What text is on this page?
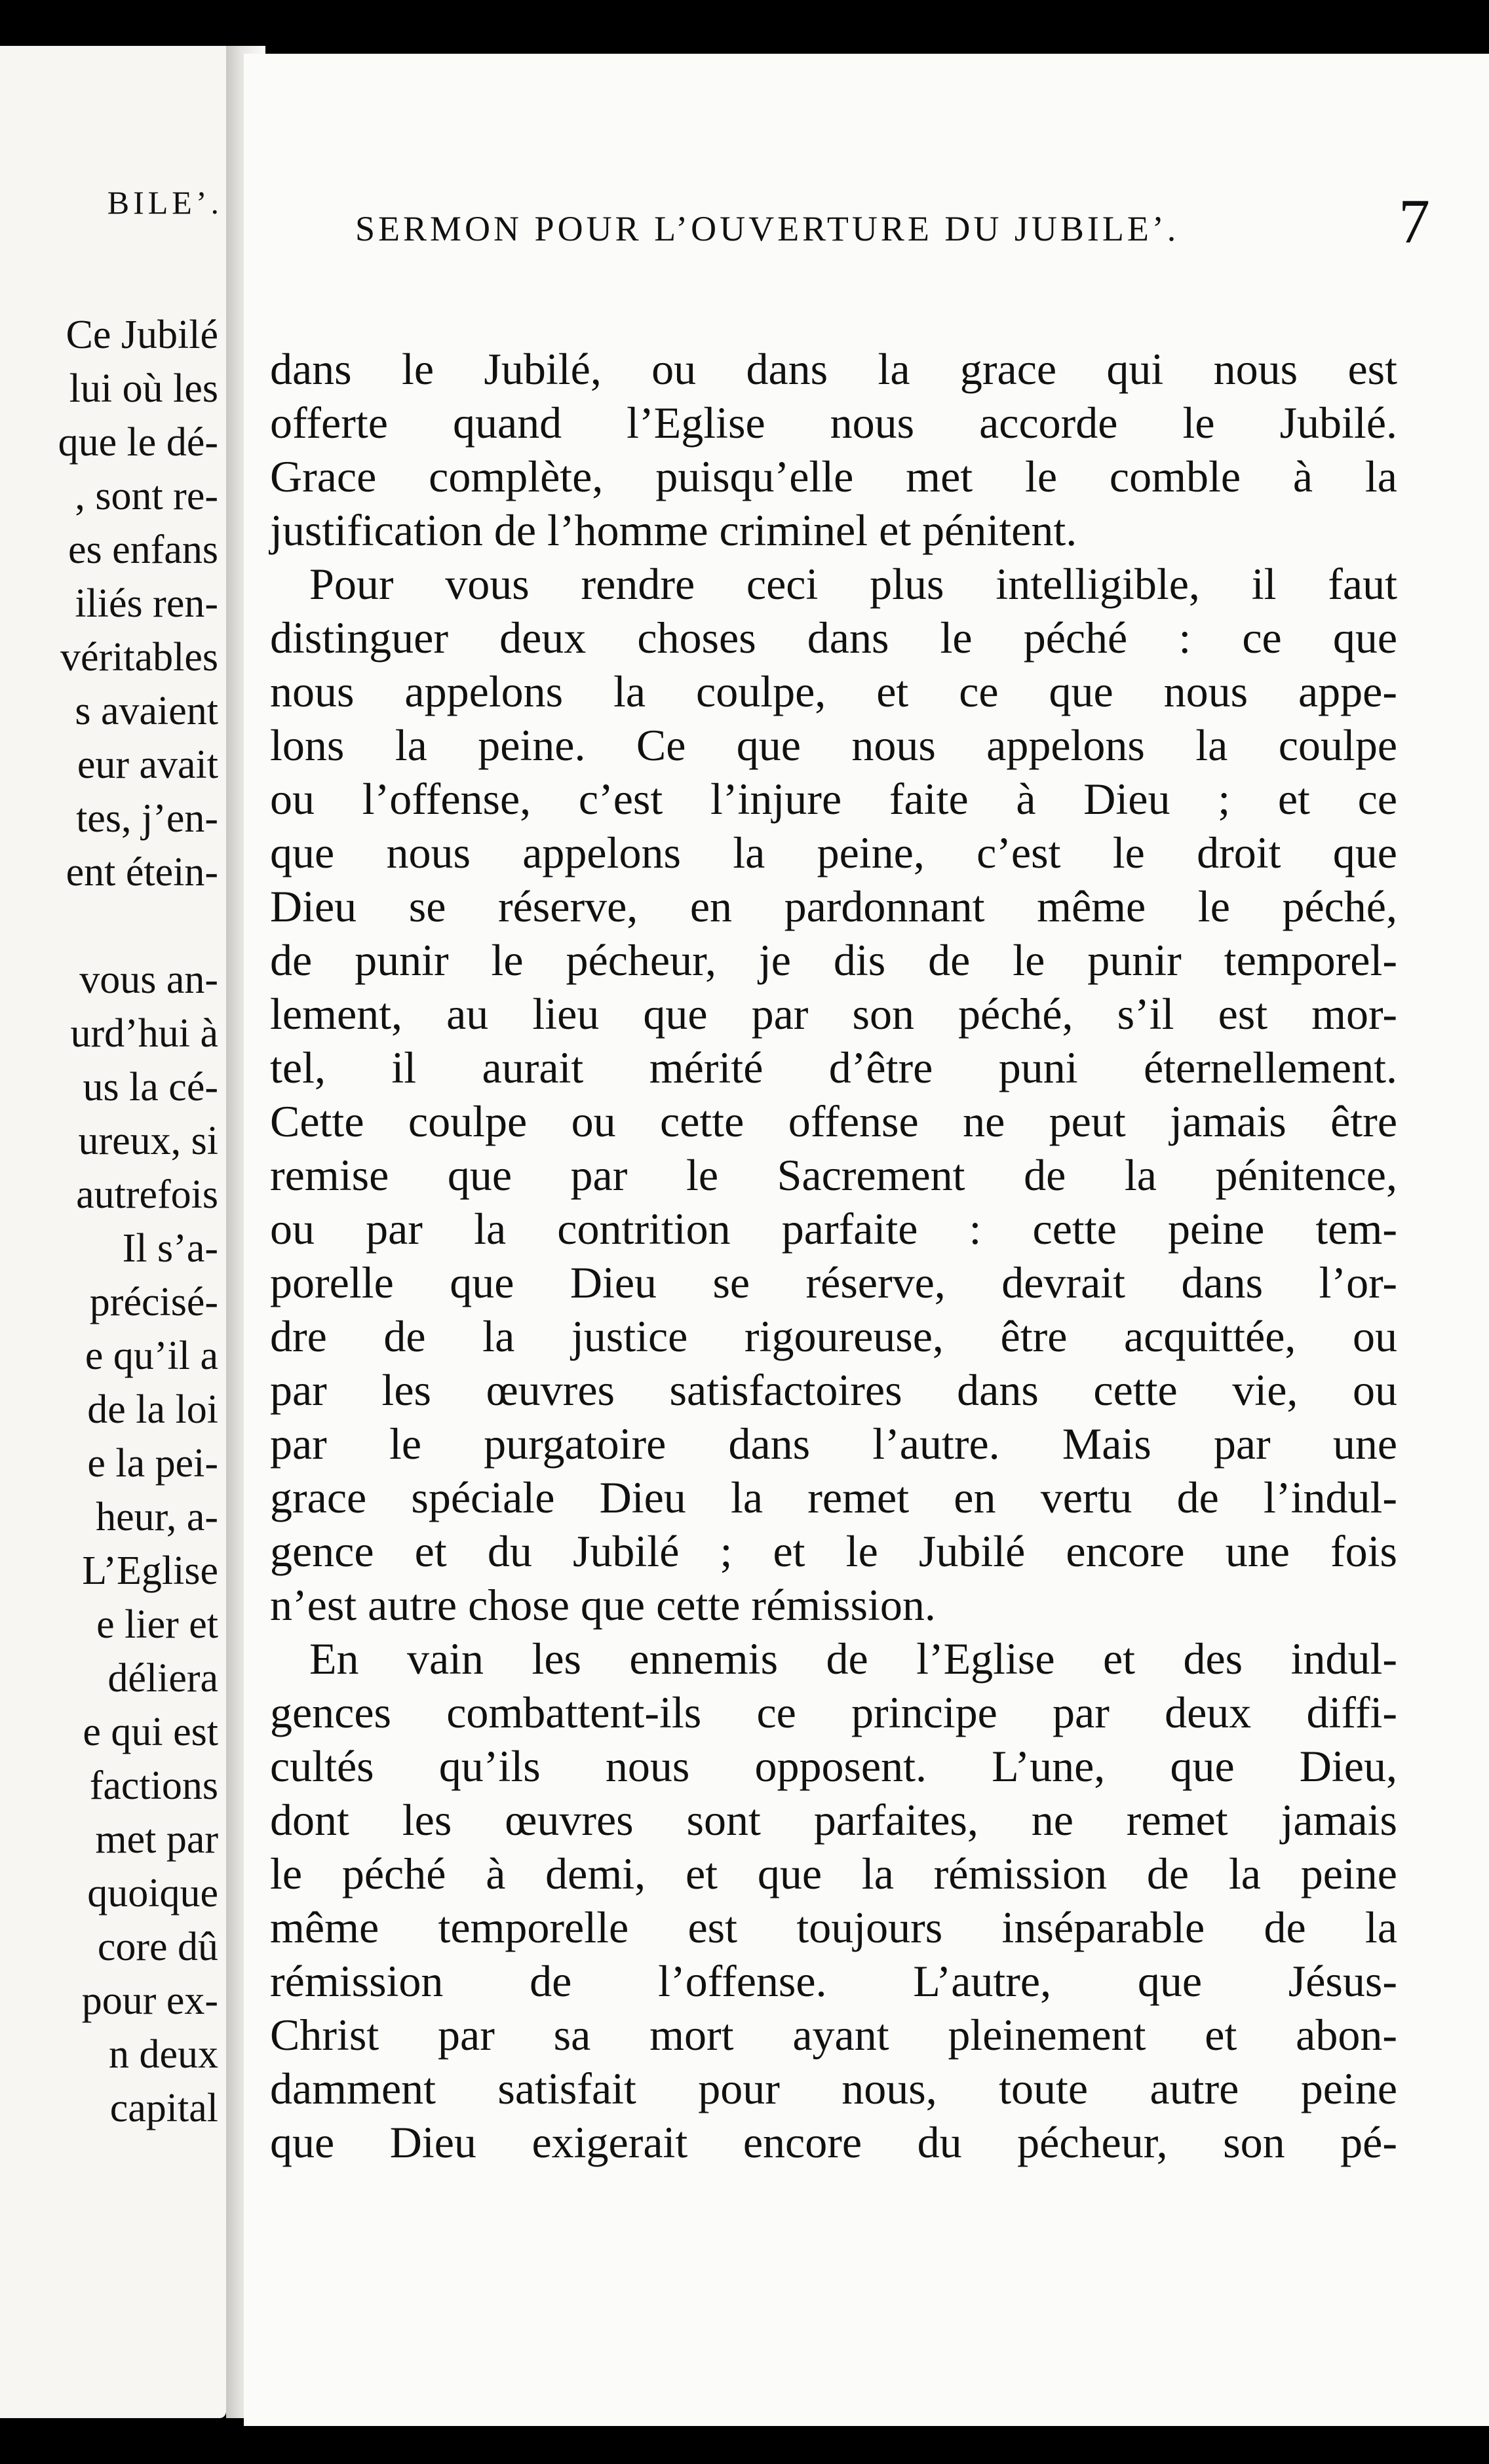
BILE’.
Ce Jubilé
lui où les
que le dé-
, sont re-
es enfans
iliés ren-
véritables
s avaient
eur avait
tes, j’en-
ent étein-
vous an-
urd’hui à
us la cé-
ureux, si
autrefois
Il s’a-
précisé-
e qu’il a
de la loi
e la pei-
heur, a-
L’Eglise
e lier et
déliera
e qui est
factions
met par
quoique
core dû
pour ex-
n deux
capital
SERMON POUR L’OUVERTURE DU JUBILE’.	7
dans le Jubilé, ou dans la grace qui nous est
offerte quand l’Eglise nous accorde le Jubilé.
Grace complète, puisqu’elle met le comble à la
justification de l’homme criminel et pénitent.
Pour vous rendre ceci plus intelligible, il faut
distinguer deux choses dans le péché : ce que
nous appelons la coulpe, et ce que nous appe-
lons la peine. Ce que nous appelons la coulpe
ou l’offense, c’est l’injure faite à Dieu ; et ce
que nous appelons la peine, c’est le droit que
Dieu se réserve, en pardonnant même le péché,
de punir le pécheur, je dis de le punir temporel-
lement, au lieu que par son péché, s’il est mor-
tel, il aurait mérité d’être puni éternellement.
Cette coulpe ou cette offense ne peut jamais être
remise que par le Sacrement de la pénitence,
ou par la contrition parfaite : cette peine tem-
porelle que Dieu se réserve, devrait dans l’or-
dre de la justice rigoureuse, être acquittée, ou
par les œuvres satisfactoires dans cette vie, ou
par le purgatoire dans l’autre. Mais par une
grace spéciale Dieu la remet en vertu de l’indul-
gence et du Jubilé ; et le Jubilé encore une fois
n’est autre chose que cette rémission.
En vain les ennemis de l’Eglise et des indul-
gences combattent-ils ce principe par deux diffi-
cultés qu’ils nous opposent. L’une, que Dieu,
dont les œuvres sont parfaites, ne remet jamais
le péché à demi, et que la rémission de la peine
même temporelle est toujours inséparable de la
rémission de l’offense. L’autre, que Jésus-
Christ par sa mort ayant pleinement et abon-
damment satisfait pour nous, toute autre peine
que Dieu exigerait encore du pécheur, son pé-
